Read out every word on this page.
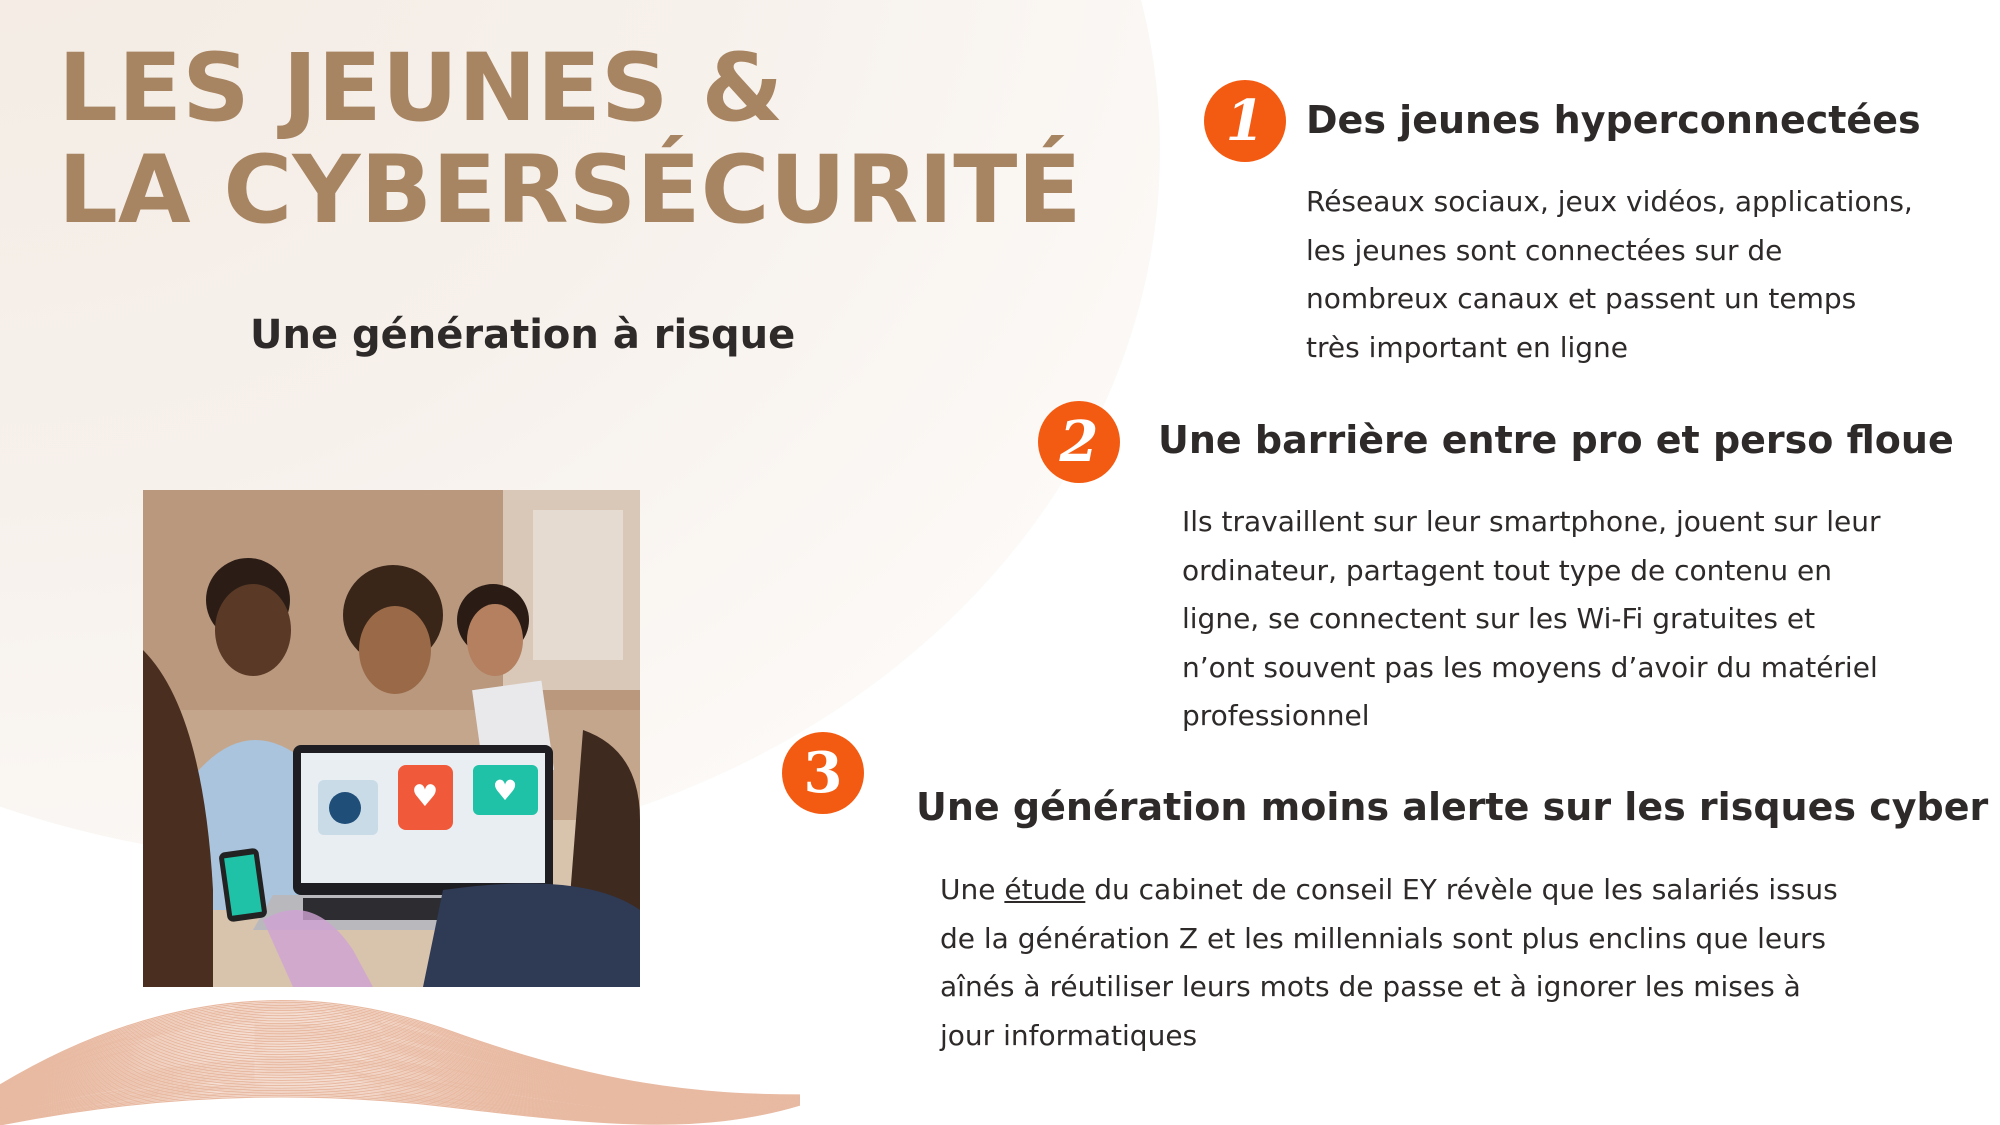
LES JEUNES &
LA CYBERSÉCURITÉ
Une génération à risque
♥ ♥
1	Des jeunes hyperconnectées
Réseaux sociaux, jeux vidéos, applications,
les jeunes sont connectées sur de
nombreux canaux et passent un temps
très important en ligne
2	Une barrière entre pro et perso floue
Ils travaillent sur leur smartphone, jouent sur leur
ordinateur, partagent tout type de contenu en
ligne, se connectent sur les Wi-Fi gratuites et
n’ont souvent pas les moyens d’avoir du matériel
professionnel
3
Une génération moins alerte sur les risques cyber
Une étude du cabinet de conseil EY révèle que les salariés issus
de la génération Z et les millennials sont plus enclins que leurs
aînés à réutiliser leurs mots de passe et à ignorer les mises à
jour informatiques
